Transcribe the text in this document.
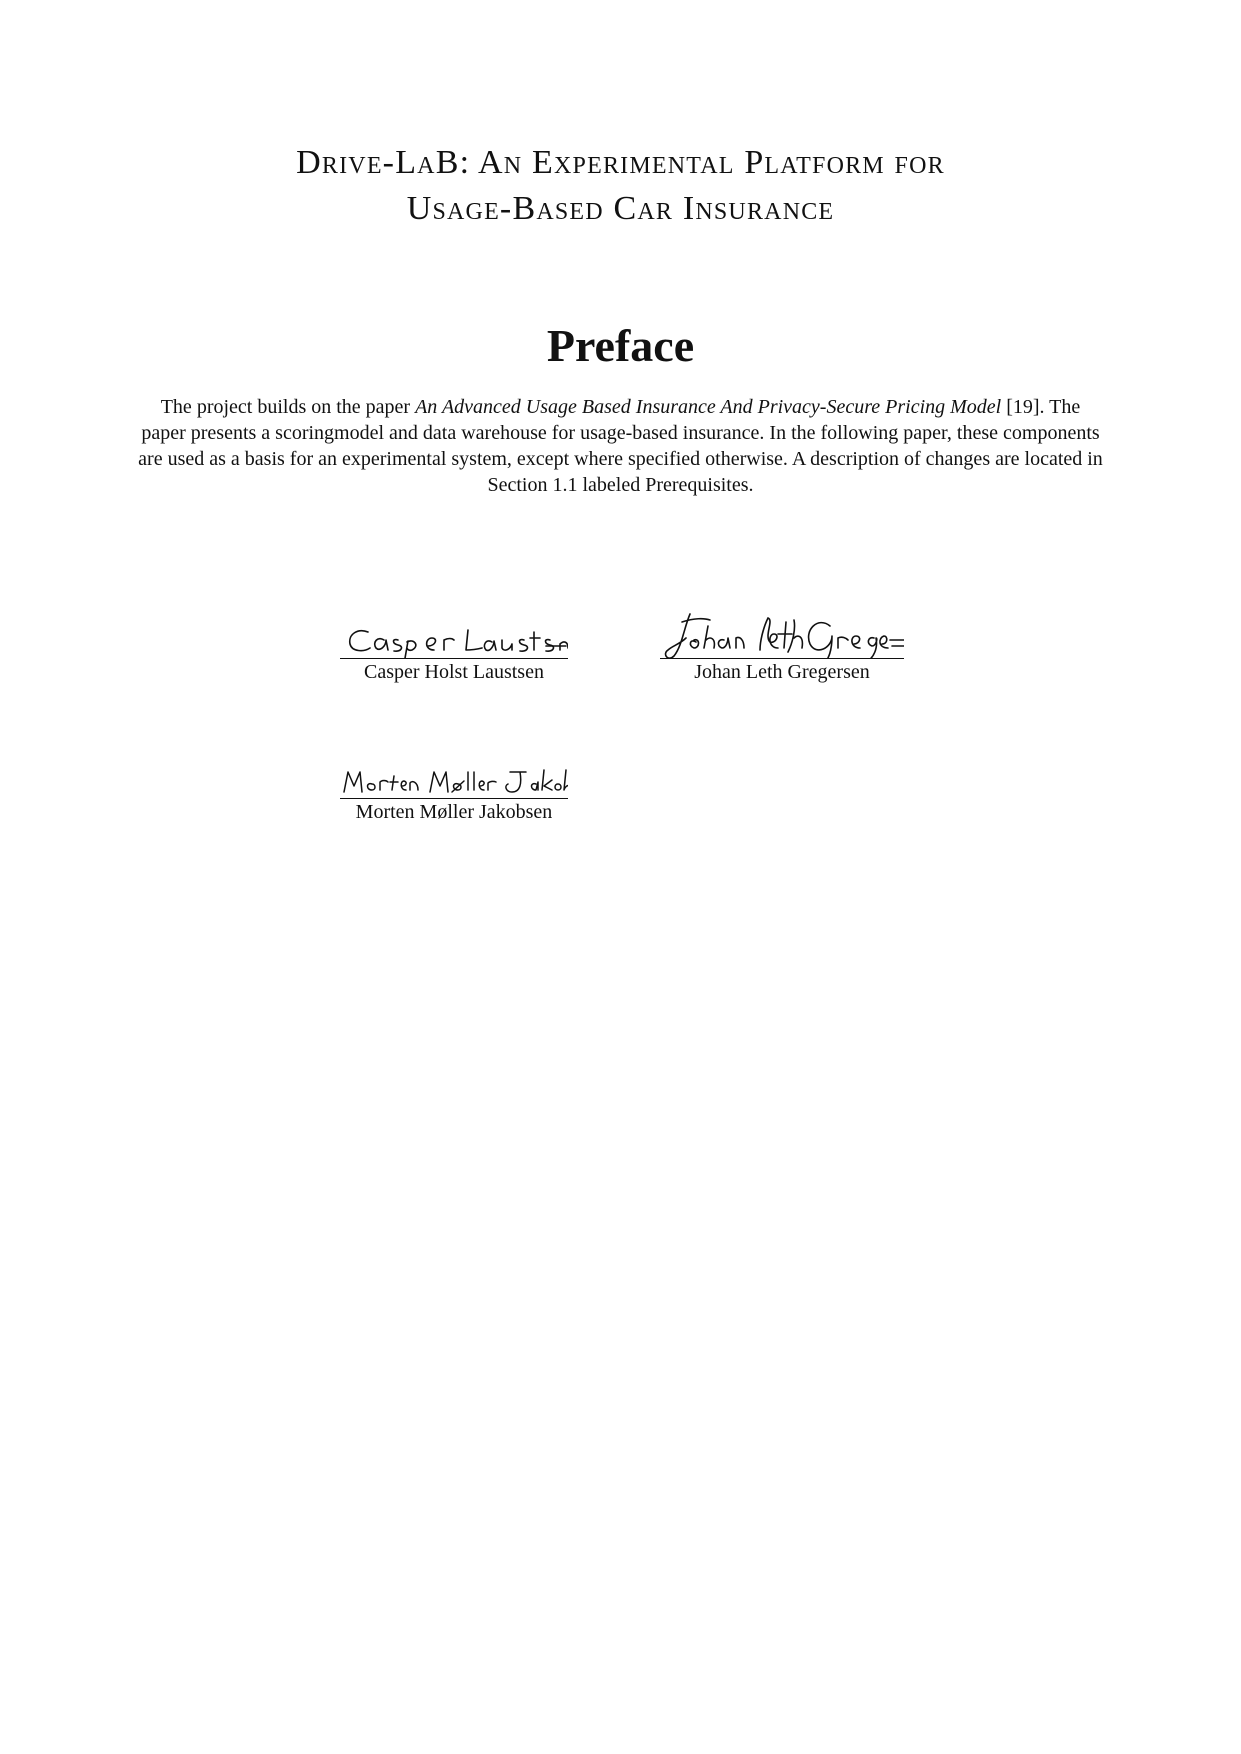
Drive-LaB: An Experimental Platform for
Usage-Based Car Insurance
Preface
The project builds on the paper An Advanced Usage Based Insurance And Privacy-Secure Pricing Model [19]. The paper presents a scoringmodel and data warehouse for usage-based insurance. In the following paper, these components are used as a basis for an experimental system, except where specified otherwise. A description of changes are located in Section 1.1 labeled Prerequisites.
Casper Holst Laustsen	Johan Leth Gregersen
Morten Møller Jakobsen
